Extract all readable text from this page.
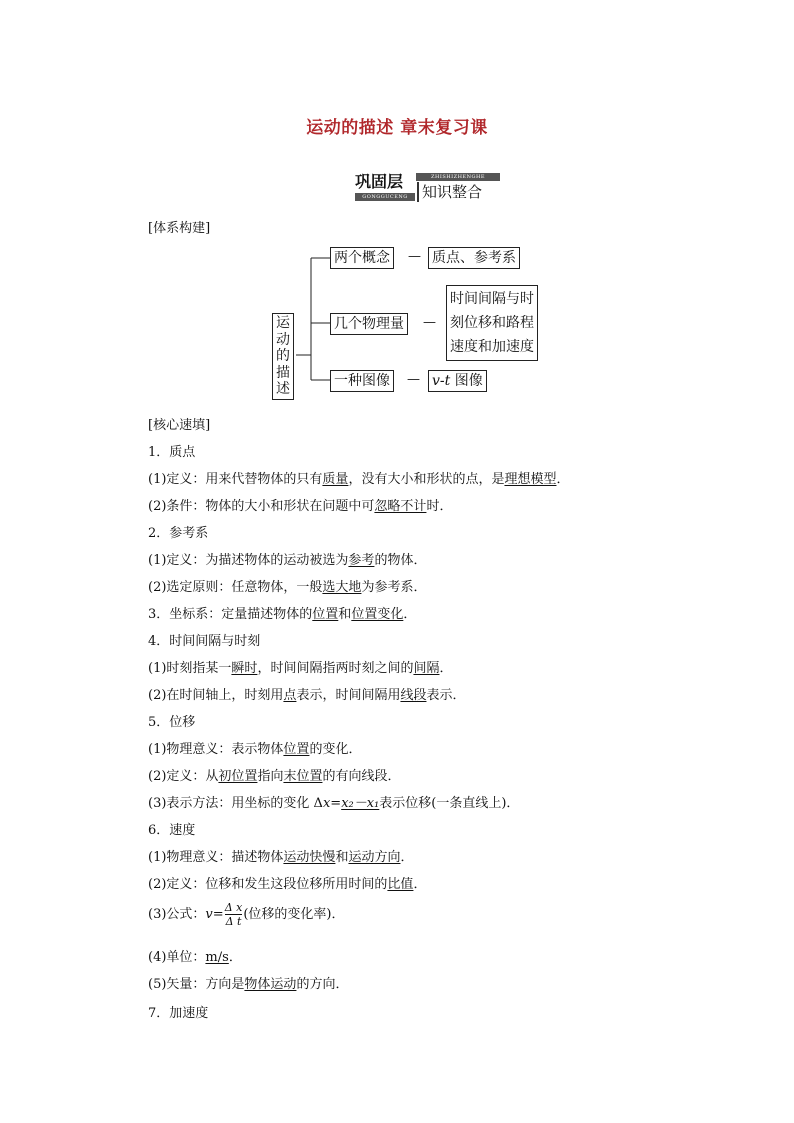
运动的描述 章末复习课
巩固层
GONGGUCENG
ZHISHIZHENGHE
知识整合
[体系构建]
运
动
的
描
述
两个概念	— 质点、参考系
几个物理量	—
时间间隔与时
刻位移和路程
速度和加速度
一种图像	— v-t 图像
[核心速填]
1．质点
(1)定义：用来代替物体的只有质量，没有大小和形状的点，是理想模型．
(2)条件：物体的大小和形状在问题中可忽略不计时．
2．参考系
(1)定义：为描述物体的运动被选为参考的物体．
(2)选定原则：任意物体，一般选大地为参考系．
3．坐标系：定量描述物体的位置和位置变化．
4．时间间隔与时刻
(1)时刻指某一瞬时，时间间隔指两时刻之间的间隔．
(2)在时间轴上，时刻用点表示，时间间隔用线段表示．
5．位移
(1)物理意义：表示物体位置的变化．
(2)定义：从初位置指向末位置的有向线段．
(3)表示方法：用坐标的变化 Δx=x₂－x₁表示位移(一条直线上)．
6．速度
(1)物理意义：描述物体运动快慢和运动方向．
(2)定义：位移和发生这段位移所用时间的比值．
(3)公式：$v= \frac{\text{Δ x}}{\text{Δ t}}$ (位移的变化率)．
(4)单位：m/s．
(5)矢量：方向是物体运动的方向．
7．加速度
